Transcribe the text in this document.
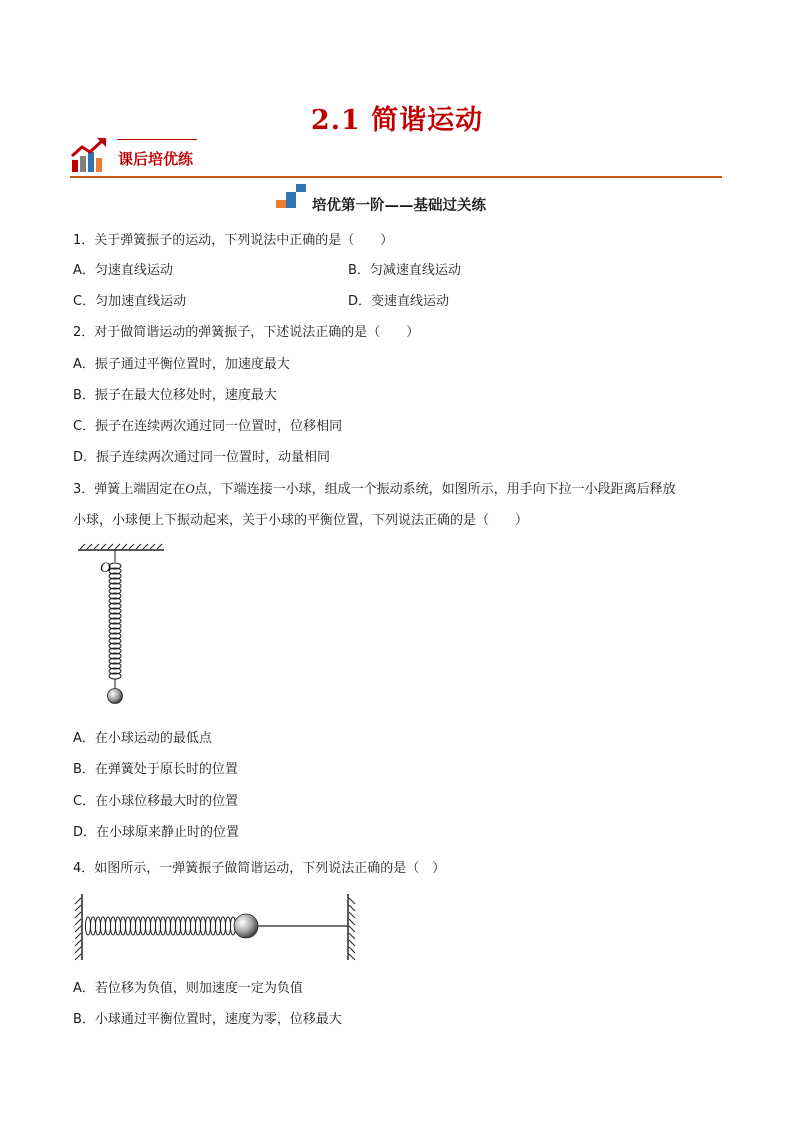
2.1 简谐运动
课后培优练
培优第一阶——基础过关练
1．关于弹簧振子的运动，下列说法中正确的是（　　）
A．匀速直线运动	B．匀减速直线运动
C．匀加速直线运动	D．变速直线运动
2．对于做简谐运动的弹簧振子，下述说法正确的是（　　）
A．振子通过平衡位置时，加速度最大
B．振子在最大位移处时，速度最大
C．振子在连续两次通过同一位置时，位移相同
D．振子连续两次通过同一位置时，动量相同
3．弹簧上端固定在O点，下端连接一小球，组成一个振动系统，如图所示，用手向下拉一小段距离后释放
小球，小球便上下振动起来，关于小球的平衡位置，下列说法正确的是（　　）
O
A．在小球运动的最低点
B．在弹簧处于原长时的位置
C．在小球位移最大时的位置
D．在小球原来静止时的位置
4．如图所示，一弹簧振子做简谐运动，下列说法正确的是（　）
A．若位移为负值，则加速度一定为负值
B．小球通过平衡位置时，速度为零，位移最大
